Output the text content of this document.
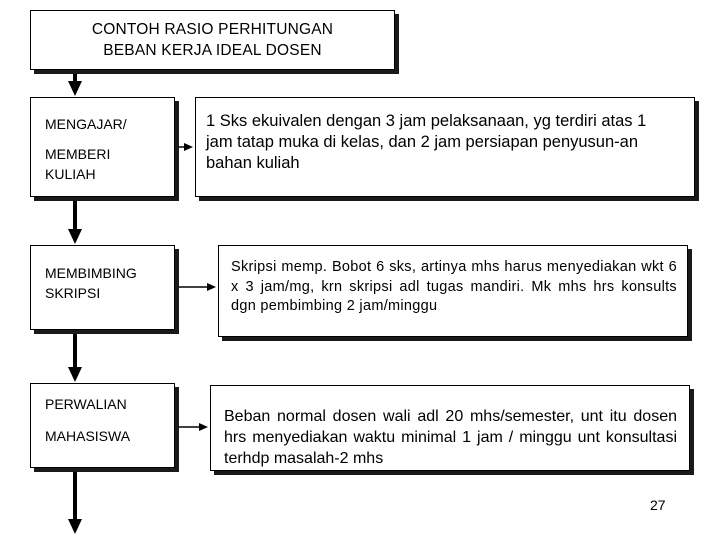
CONTOH RASIO PERHITUNGAN
BEBAN KERJA IDEAL DOSEN
MENGAJAR/
MEMBERI KULIAH
1 Sks ekuivalen dengan 3 jam pelaksanaan, yg terdiri atas 1 jam tatap muka di kelas, dan 2 jam persiapan penyusun-an bahan kuliah
MEMBIMBING SKRIPSI
Skripsi memp. Bobot 6 sks, artinya mhs harus menyediakan wkt 6 x 3 jam/mg, krn skripsi adl tugas mandiri. Mk mhs hrs konsults dgn pembimbing 2 jam/minggu
PERWALIAN
MAHASISWA
Beban normal dosen wali adl 20 mhs/semester, unt itu dosen hrs menyediakan waktu minimal 1 jam / minggu unt konsultasi terhdp masalah-2 mhs
27
